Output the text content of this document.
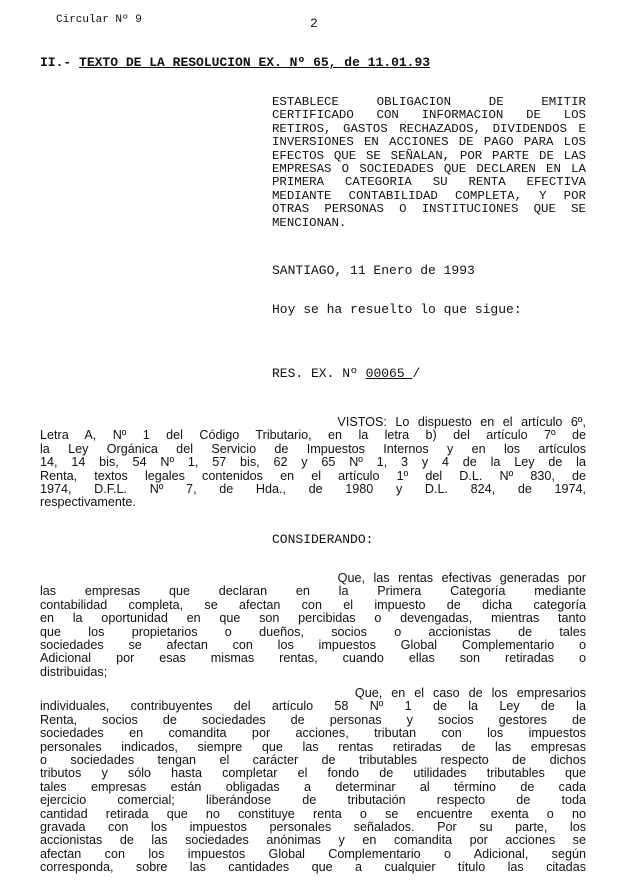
Circular Nº 9	2
II.- TEXTO DE LA RESOLUCION EX. Nº 65, de 11.01.93
ESTABLECE OBLIGACION DE EMITIR
CERTIFICADO CON INFORMACION DE LOS
RETIROS, GASTOS RECHAZADOS, DIVIDENDOS E
INVERSIONES EN ACCIONES DE PAGO PARA LOS
EFECTOS QUE SE SEÑALAN, POR PARTE DE LAS
EMPRESAS O SOCIEDADES QUE DECLAREN EN LA
PRIMERA CATEGORIA SU RENTA EFECTIVA
MEDIANTE CONTABILIDAD COMPLETA, Y POR
OTRAS PERSONAS O INSTITUCIONES QUE SE
MENCIONAN.
SANTIAGO, 11 Enero de 1993
Hoy se ha resuelto lo que sigue:
RES. EX. Nº 00065 /
VISTOS: Lo dispuesto en el artículo 6º,
Letra A, Nº 1 del Código Tributario, en la letra b) del artículo 7º de
la Ley Orgánica del Servicio de Impuestos Internos y en los artículos
14, 14 bis, 54 Nº 1, 57 bis, 62 y 65 Nº 1, 3 y 4 de la Ley de la
Renta, textos legales contenidos en el artículo 1º del D.L. Nº 830, de
1974, D.F.L. Nº 7, de Hda., de 1980 y D.L. 824, de 1974,
respectivamente.
CONSIDERANDO:
Que, las rentas efectivas generadas por
las empresas que declaran en la Primera Categoría mediante
contabilidad completa, se afectan con el impuesto de dicha categoría
en la oportunidad en que son percibidas o devengadas, mientras tanto
que los propietarios o dueños, socios o accionistas de tales
sociedades se afectan con los impuestos Global Complementario o
Adicional por esas mismas rentas, cuando ellas son retiradas o
distribuidas;
Que, en el caso de los empresarios
individuales, contribuyentes del artículo 58 Nº 1 de la Ley de la
Renta, socios de sociedades de personas y socios gestores de
sociedades en comandita por acciones, tributan con los impuestos
personales indicados, siempre que las rentas retiradas de las empresas
o sociedades tengan el carácter de tributables respecto de dichos
tributos y sólo hasta completar el fondo de utilidades tributables que
tales empresas están obligadas a determinar al término de cada
ejercicio comercial; liberándose de tributación respecto de toda
cantidad retirada que no constituye renta o se encuentre exenta o no
gravada con los impuestos personales señalados. Por su parte, los
accionistas de las sociedades anónimas y en comandita por acciones se
afectan con los impuestos Global Complementario o Adicional, según
corresponda, sobre las cantidades que a cualquier título las citadas
